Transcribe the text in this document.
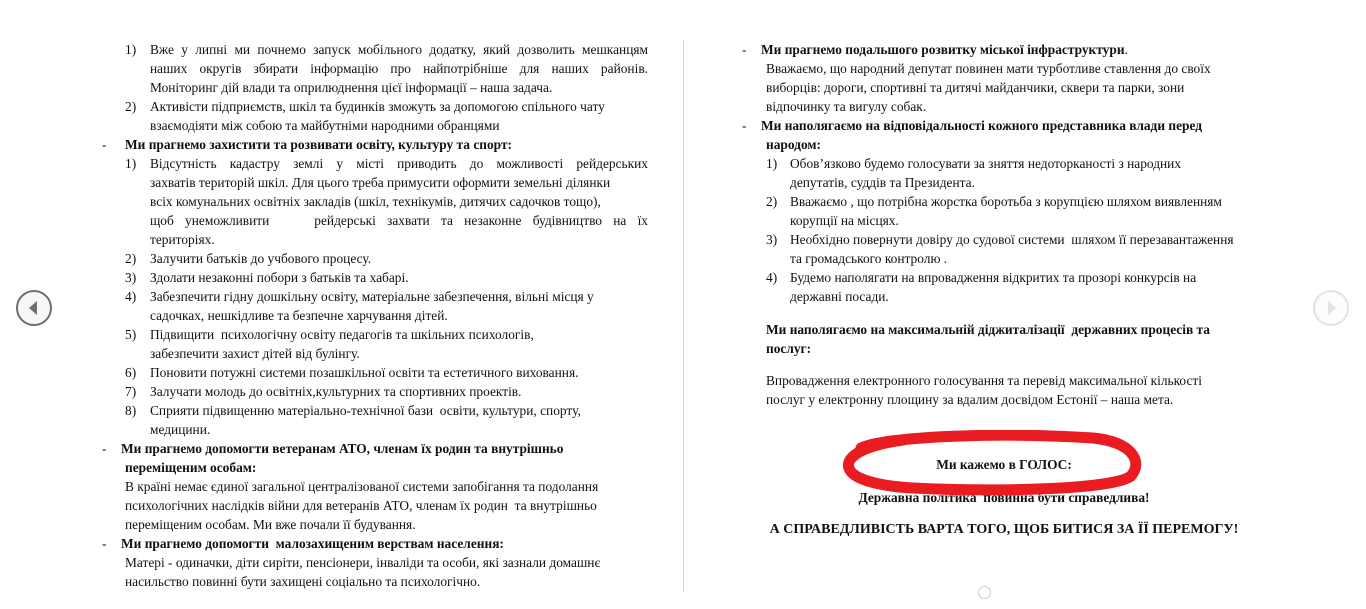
1) Вже у липні ми почнемо запуск мобільного додатку, який дозволить мешканцям
наших округів збирати інформацію про найпотрібніше для наших районів.
Моніторинг дій влади та оприлюднення цієї інформації – наша задача.
2) Активісти підприємств, шкіл та будинків зможуть за допомогою спільного чату
взаємодіяти між собою та майбутніми народними обранцями
- Ми прагнемо захистити та розвивати освіту, культуру та спорт:
1) Відсутність кадастру землі у місті приводить до можливості рейдерських
захватів територій шкіл. Для цього треба примусити оформити земельні ділянки
всіх комунальних освітніх закладів (шкіл, технікумів, дитячих садочков тощо),
щоб унеможливити    рейдерські захвати та незаконне будівництво на їх
територіях.
2) Залучити батьків до учбового процесу.
3) Здолати незаконні побори з батьків та хабарі.
4) Забезпечити гідну дошкільну освіту, матеріальне забезпечення, вільні місця у
садочках, нешкідливе та безпечне харчування дітей.
5) Підвищити  психологічну освіту педагогів та шкільних психологів,
забезпечити захист дітей від булінгу.
6) Поновити потужні системи позашкільної освіти та естетичного виховання.
7) Залучати молодь до освітніх,культурних та спортивних проектів.
8) Сприяти підвищенню матеріально-технічної бази  освіти, культури, спорту,
медицини.
- Ми прагнемо допомогти ветеранам АТО, членам їх родин та внутрішньо
переміщеним особам:
В країні немає єдиної загальної централізованої системи запобігання та подолання
психологічних наслідків війни для ветеранів АТО, членам їх родин  та внутрішньо
переміщеним особам. Ми вже почали її будування.
- Ми прагнемо допомогти  малозахищеним верствам населення:
Матері - одиначки, діти сиріти, пенсіонери, інваліди та особи, які зазнали домашнє
насильство повинні бути захищені соціально та психологічно.
- Ми прагнемо подальшого розвитку міської інфраструктури.
Вважаємо, що народний депутат повинен мати турботливе ставлення до своїх
виборців: дороги, спортивні та дитячі майданчики, сквери та парки, зони
відпочинку та вигулу собак.
- Ми наполягаємо на відповідальності кожного представника влади перед
народом:
1) Обов’язково будемо голосувати за зняття недоторканості з народних
депутатів, суддів та Президента.
2) Вважаємо , що потрібна жорстка боротьба з корупцією шляхом виявленням
корупції на місцях.
3) Необхідно повернути довіру до судової системи  шляхом її перезавантаження
та громадського контролю .
4) Будемо наполягати на впровадження відкритих та прозорі конкурсів на
державні посади.
Ми наполягаємо на максимальній діджиталізації  державних процесів та
послуг:
Впровадження електронного голосування та перевід максимальної кількості
послуг у електронну площину за вдалим досвідом Естонії – наша мета.
Ми кажемо в ГОЛОС:
Державна політика  повинна бути справедлива!
А СПРАВЕДЛИВІСТЬ ВАРТА ТОГО, ЩОБ БИТИСЯ ЗА ЇЇ ПЕРЕМОГУ!
